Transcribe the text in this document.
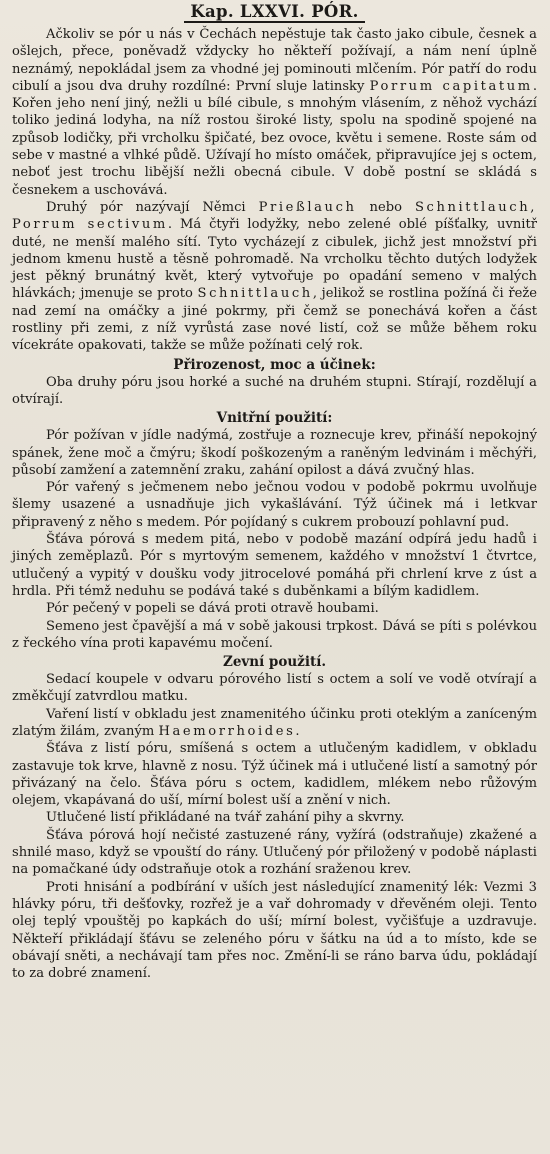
Kap. LXXVI. PÓR.

Ačkoliv se pór u nás v Čechách nepěstuje tak často jako cibule, česnek a ošlejch, přece, poněvadž vždycky ho někteří požívají, a nám není úplně neznámý, nepokládal jsem za vhodné jej pominouti mlčením. Pór patří do rodu cibulí a jsou dva druhy rozdílné: První sluje latinsky Porrum capitatum. Kořen jeho není jiný, nežli u bílé cibule, s mnohým vlásením, z něhož vychází toliko jediná lodyha, na níž rostou široké listy, spolu na spodině spojené na způsob lodičky, při vrcholku špičaté, bez ovoce, květu i semene. Roste sám od sebe v mastné a vlhké půdě. Užívají ho místo omáček, připravujíce jej s octem, neboť jest trochu libější nežli obecná cibule. V době postní se skládá s česnekem a uschovává.

Druhý pór nazývají Němci Prießlauch nebo Schnittlauch, Porrum sectivum. Má čtyři lodyžky, nebo zelené oblé píšťalky, uvnitř duté, ne menší malého sítí. Tyto vycházejí z cibulek, jichž jest množství při jednom kmenu hustě a těsně pohromadě. Na vrcholku těchto dutých lodyžek jest pěkný brunátný květ, který vytvořuje po opadání semeno v malých hlávkách; jmenuje se proto Schnittlauch, jelikož se rostlina požíná či řeže nad zemí na omáčky a jiné pokrmy, při čemž se ponechává kořen a část rostliny při zemi, z níž vyrůstá zase nové listí, což se může během roku vícekráte opakovati, takže se může požínati celý rok.

Přirozenost, moc a účinek:

Oba druhy póru jsou horké a suché na druhém stupni. Stírají, rozdělují a otvírají.

Vnitřní použití:

Pór požívan v jídle nadýmá, zostřuje a roznecuje krev, přináší nepokojný spánek, žene moč a čmýru; škodí poškozeným a raněným ledvinám i měchýři, působí zamžení a zatemnění zraku, zahání opilost a dává zvučný hlas.

Pór vařený s ječmenem nebo ječnou vodou v podobě pokrmu uvolňuje šlemy usazené a usnadňuje jich vykašlávání. Týž účinek má i letkvar připravený z něho s medem. Pór pojídaný s cukrem probouzí pohlavní pud.

Šťáva pórová s medem pitá, nebo v podobě mazání odpírá jedu hadů i jiných zeměplazů. Pór s myrtovým semenem, každého v množství 1 čtvrtce, utlučený a vypitý v doušku vody jitrocelové pomáhá při chrlení krve z úst a hrdla. Při témž neduhu se podává také s duběnkami a bílým kadidlem.

Pór pečený v popeli se dává proti otravě houbami.

Semeno jest čpavější a má v sobě jakousi trpkost. Dává se píti s polévkou z řeckého vína proti kapavému močení.

Zevní použití.

Sedací koupele v odvaru pórového listí s octem a solí ve vodě otvírají a změkčují zatvrdlou matku.

Vaření listí v obkladu jest znamenitého účinku proti oteklým a zaníceným zlatým žilám, zvaným Haemorrhoides.

Šťáva z listí póru, smíšená s octem a utlučeným kadidlem, v obkladu zastavuje tok krve, hlavně z nosu. Týž účinek má i utlučené listí a samotný pór přivázaný na čelo. Šťáva póru s octem, kadidlem, mlékem nebo růžovým olejem, vkapávaná do uší, mírní bolest uší a znění v nich.

Utlučené listí přikládané na tvář zahání pihy a skvrny.

Šťáva pórová hojí nečisté zastuzené rány, vyžírá (odstraňuje) zkažené a shnilé maso, když se vpouští do rány. Utlučený pór přiložený v podobě náplasti na pomačkané údy odstraňuje otok a rozhání sraženou krev.

Proti hnisání a podbírání v uších jest následující znamenitý lék: Vezmi 3 hlávky póru, tři dešťovky, rozřež je a vař dohromady v dřevěném oleji. Tento olej teplý vpouštěj po kapkách do uší; mírní bolest, vyčišťuje a uzdravuje. Někteří přikládají šťávu se zeleného póru v šátku na úd a to místo, kde se obávají sněti, a nechávají tam přes noc. Změní-li se ráno barva údu, pokládají to za dobré znamení.
